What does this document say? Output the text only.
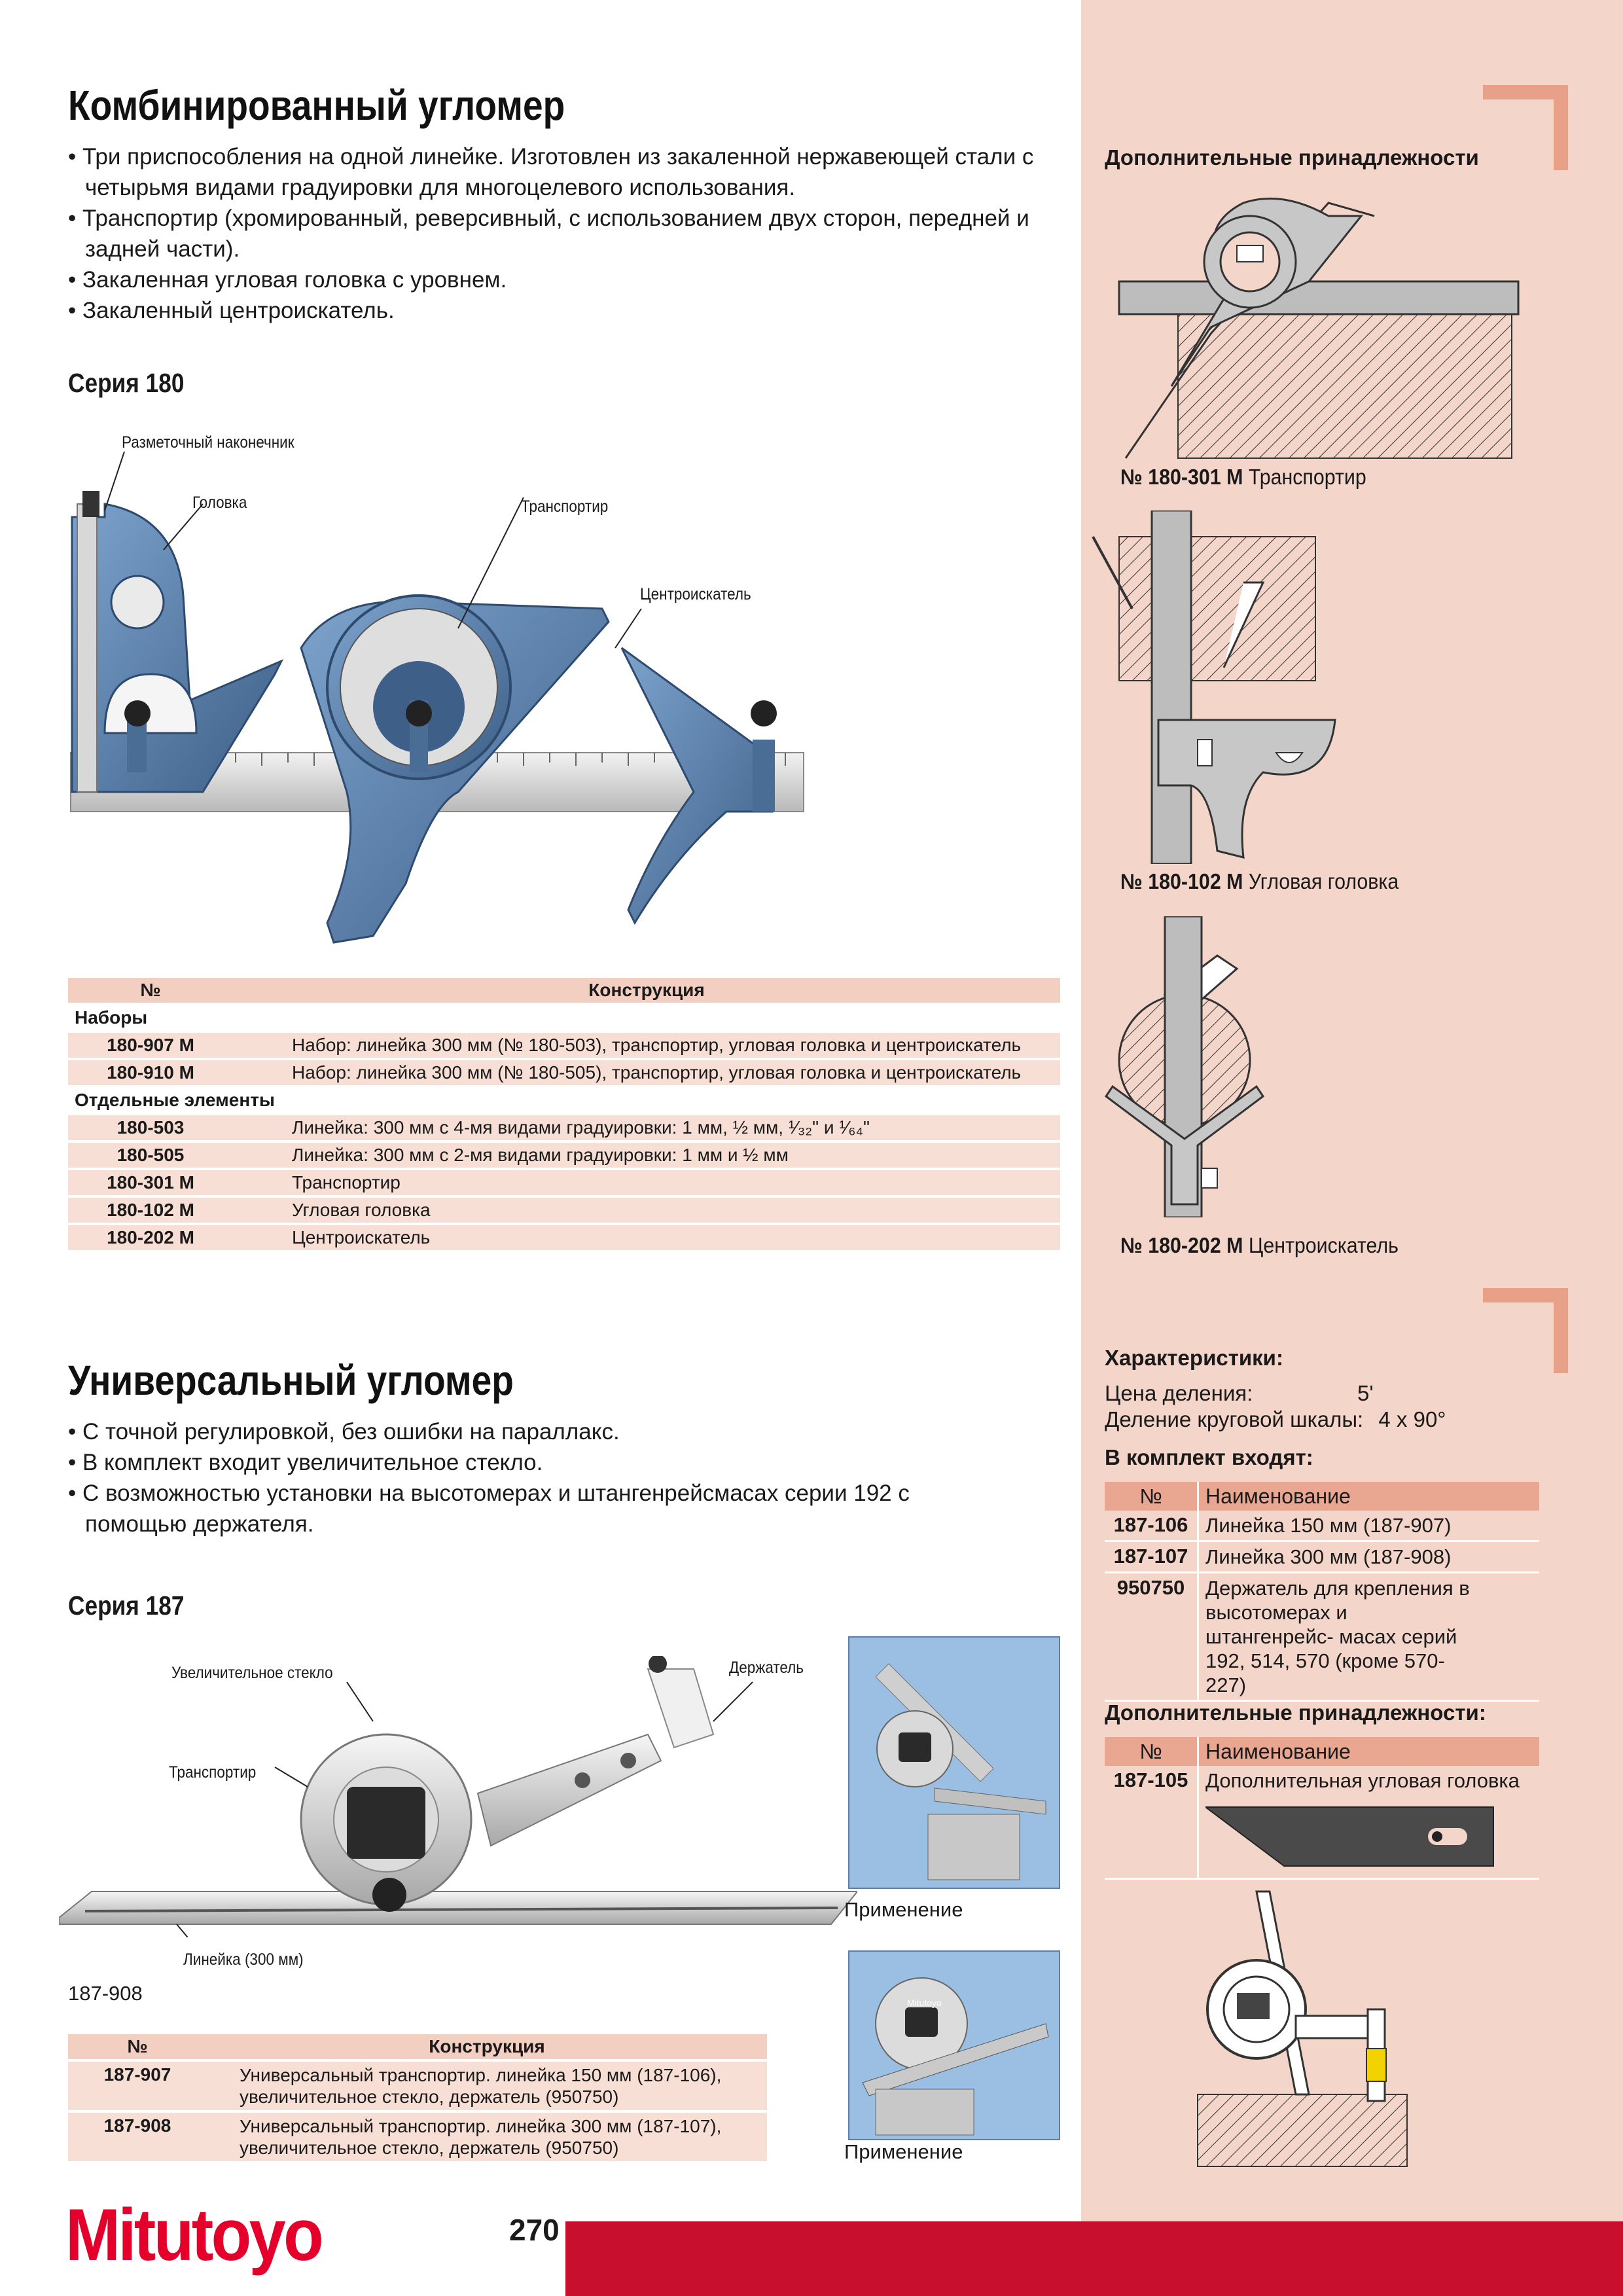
Комбинированный угломер
• Три приспособления на одной линейке. Изготовлен из закаленной нержавеющей стали с четырьмя видами градуировки для многоцелевого использования.
• Транспортир (хромированный, реверсивный, с использованием двух сторон, передней и задней части).
• Закаленная угловая головка с уровнем.
• Закаленный центроискатель.
Серия 180
Разметочный наконечник
Головка	Транспортир
Центроискатель
№	Конструкция
Наборы	
180-907 M	Набор: линейка 300 мм (№ 180-503), транспортир, угловая головка и центроискатель
180-910 M	Набор: линейка 300 мм (№ 180-505), транспортир, угловая головка и центроискатель
Отдельные элементы	
180-503	Линейка: 300 мм с 4-мя видами градуировки: 1 мм, ½ мм, ¹⁄₃₂" и ¹⁄₆₄"
180-505	Линейка: 300 мм с 2-мя видами градуировки: 1 мм и ½ мм
180-301 M	Транспортир
180-102 M	Угловая головка
180-202 M	Центроискатель
Дополнительные принадлежности
№ 180-301 M Транспортир
№ 180-102 M Угловая головка
№ 180-202 M Центроискатель
Универсальный угломер
• С точной регулировкой, без ошибки на параллакс.
• В комплект входит увеличительное стекло.
• С возможностью установки на высотомерах и штангенрейсмасах серии 192 с помощью держателя.
Серия 187
Увеличительное стекло	Держатель
Транспортир
Линейка (300 мм)
187-908
Применение
Mitutoyo
Применение
№	Конструкция
187-907	Универсальный транспортир. линейка 150 мм (187-106),
увеличительное стекло, держатель (950750)

187-908	Универсальный транспортир. линейка 300 мм (187-107),
увеличительное стекло, держатель (950750)
Характеристики:
Цена деления:	5'
Деление круговой шкалы: 4 x 90°
В комплект входят:
№	Наименование
187-106 Линейка 150 мм (187-907)
187-107 Линейка 300 мм (187-908)
950750	Держатель для крепления в высотомерах и штангенрейс- масах серий 192, 514, 570 (кроме 570-227)
Дополнительные принадлежности:
№	Наименование
187-105 Дополнительная угловая головка
Mitutoyo	270
